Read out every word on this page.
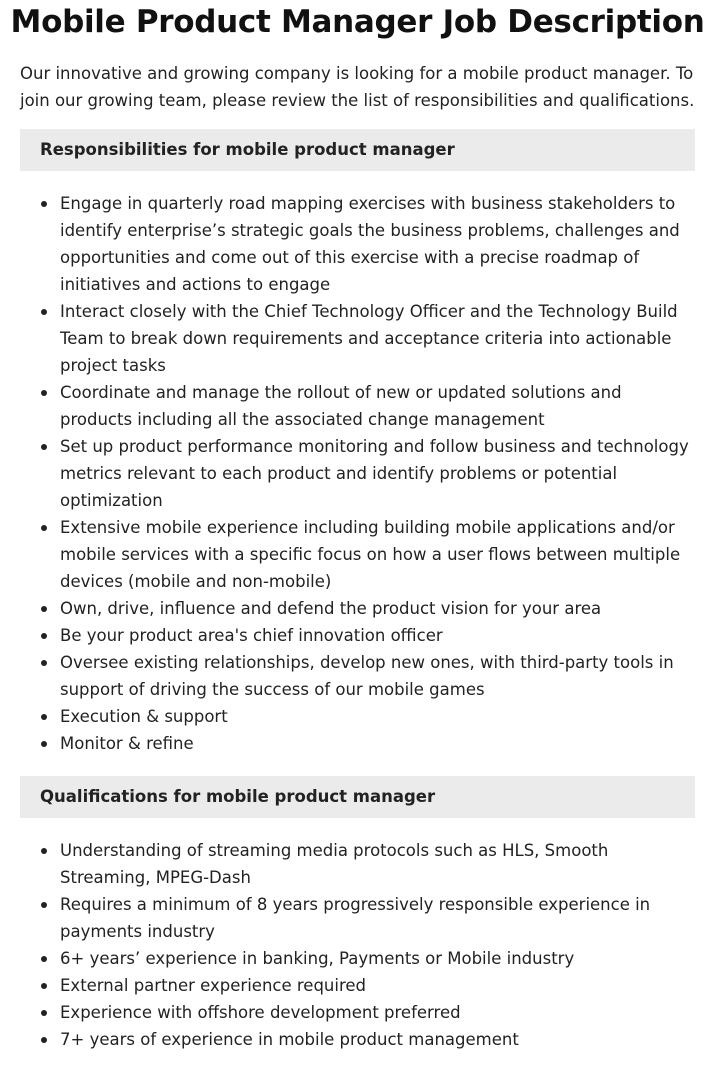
Mobile Product Manager Job Description

Our innovative and growing company is looking for a mobile product manager. To join our growing team, please review the list of responsibilities and qualifications.

Responsibilities for mobile product manager
Engage in quarterly road mapping exercises with business stakeholders to identify enterprise’s strategic goals the business problems, challenges and opportunities and come out of this exercise with a precise roadmap of initiatives and actions to engage
Interact closely with the Chief Technology Officer and the Technology Build Team to break down requirements and acceptance criteria into actionable project tasks
Coordinate and manage the rollout of new or updated solutions and products including all the associated change management
Set up product performance monitoring and follow business and technology metrics relevant to each product and identify problems or potential optimization
Extensive mobile experience including building mobile applications and/or mobile services with a specific focus on how a user flows between multiple devices (mobile and non-mobile)
Own, drive, influence and defend the product vision for your area
Be your product area's chief innovation officer
Oversee existing relationships, develop new ones, with third-party tools in support of driving the success of our mobile games
Execution & support
Monitor & refine
Qualifications for mobile product manager
Understanding of streaming media protocols such as HLS, Smooth Streaming, MPEG-Dash
Requires a minimum of 8 years progressively responsible experience in payments industry
6+ years’ experience in banking, Payments or Mobile industry
External partner experience required
Experience with offshore development preferred
7+ years of experience in mobile product management
